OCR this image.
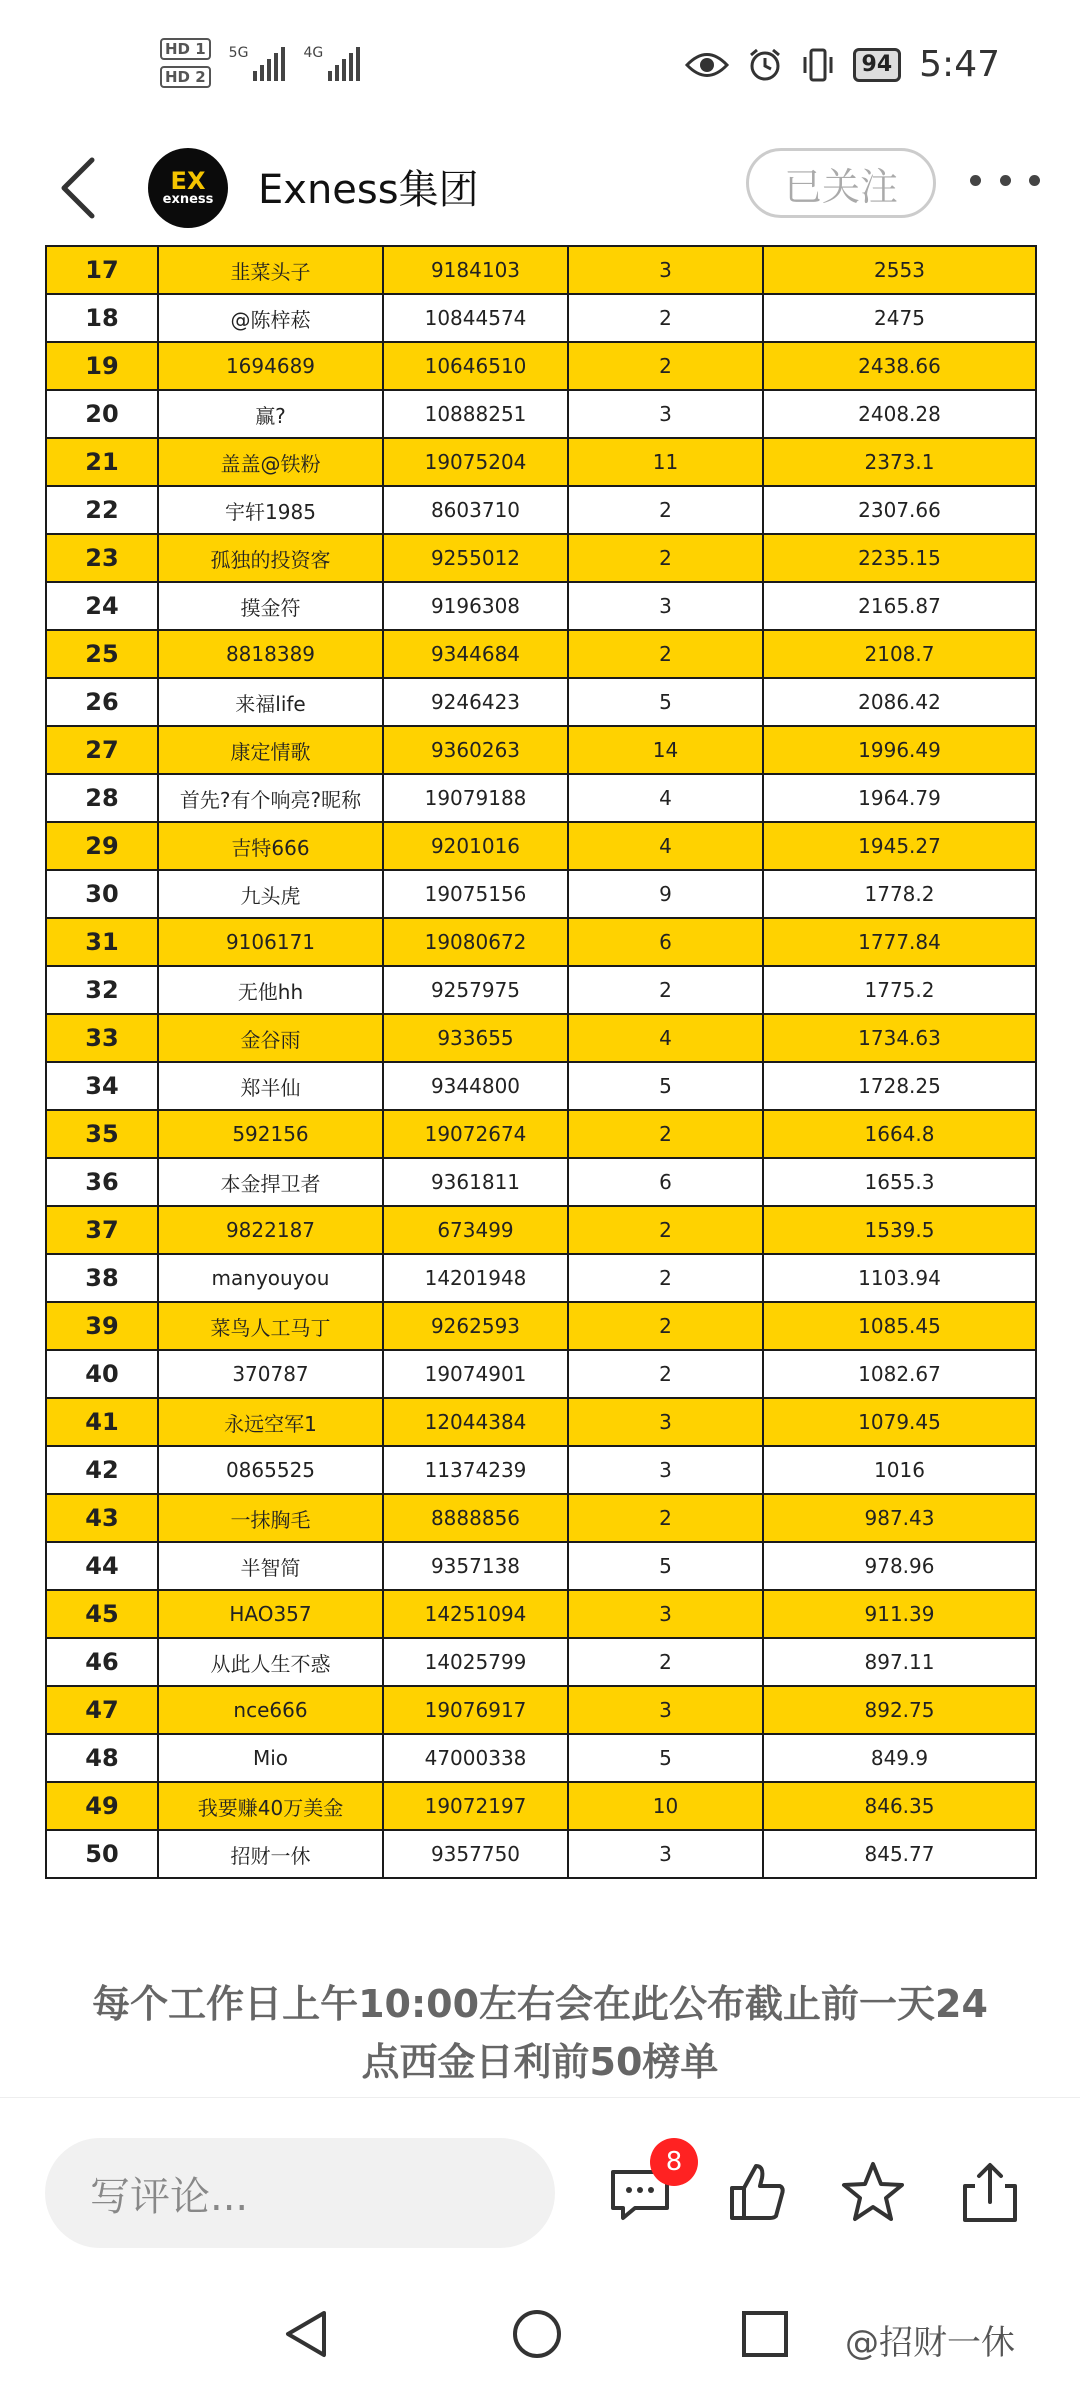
HD 1
HD 2
5G	4G	94 5:47
EX
exness Exness集团	已关注
17	韭菜头子	9184103	3	2553
18	@陈梓菘	10844574	2	2475
19	1694689	10646510	2	2438.66
20	赢?	10888251	3	2408.28
21	盖盖@铁粉	19075204	11	2373.1
22	宇轩1985	8603710	2	2307.66
23	孤独的投资客	9255012	2	2235.15
24	摸金符	9196308	3	2165.87
25	8818389	9344684	2	2108.7
26	来福life	9246423	5	2086.42
27	康定情歌	9360263	14	1996.49
28	首先?有个响亮?昵称	19079188	4	1964.79
29	吉特666	9201016	4	1945.27
30	九头虎	19075156	9	1778.2
31	9106171	19080672	6	1777.84
32	无他hh	9257975	2	1775.2
33	金谷雨	933655	4	1734.63
34	郑半仙	9344800	5	1728.25
35	592156	19072674	2	1664.8
36	本金捍卫者	9361811	6	1655.3
37	9822187	673499	2	1539.5
38	manyouyou	14201948	2	1103.94
39	菜鸟人工马丁	9262593	2	1085.45
40	370787	19074901	2	1082.67
41	永远空军1	12044384	3	1079.45
42	0865525	11374239	3	1016
43	一抹胸毛	8888856	2	987.43
44	半智简	9357138	5	978.96
45	HAO357	14251094	3	911.39
46	从此人生不惑	14025799	2	897.11
47	nce666	19076917	3	892.75
48	Mio	47000338	5	849.9
49	我要赚40万美金	19072197	10	846.35
50	招财一休	9357750	3	845.77
每个工作日上午10:00左右会在此公布截止前一天24
点西金日利前50榜单
写评论...
8
@招财一休
